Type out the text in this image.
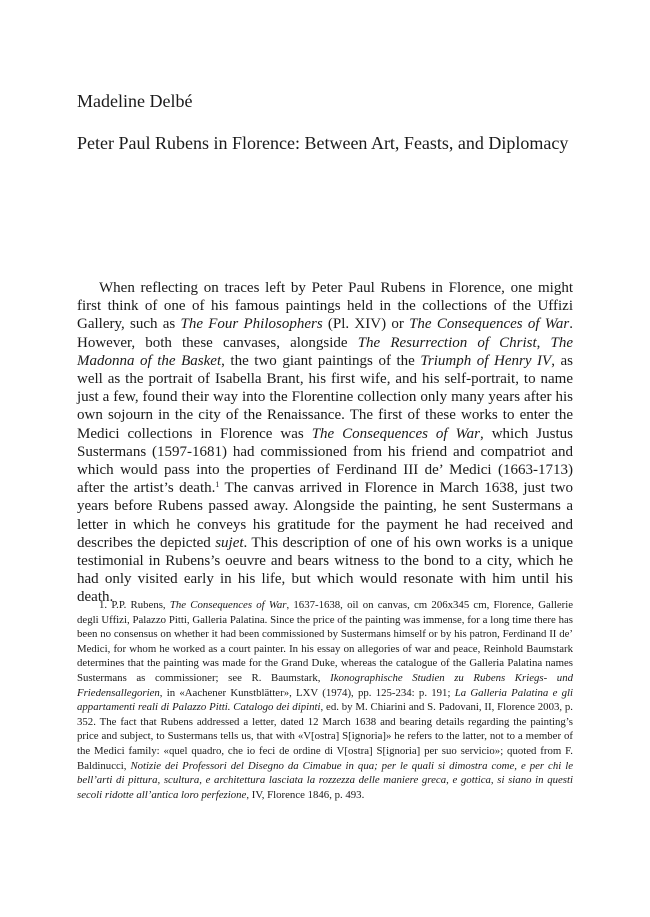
Madeline Delbé
Peter Paul Rubens in Florence: Between Art, Feasts, and Diplomacy

When reflecting on traces left by Peter Paul Rubens in Florence, one might first think of one of his famous paintings held in the collections of the Uffizi Gallery, such as The Four Philosophers (Pl. XIV) or The Consequences of War. However, both these canvases, alongside The Resurrection of Christ, The Madonna of the Basket, the two giant paintings of the Triumph of Henry IV, as well as the portrait of Isabella Brant, his first wife, and his self-portrait, to name just a few, found their way into the Florentine collection only many years after his own sojourn in the city of the Renaissance. The first of these works to enter the Medici collections in Florence was The Consequences of War, which Justus Sustermans (1597-1681) had commissioned from his friend and compatriot and which would pass into the properties of Ferdinand III de’ Medici (1663-1713) after the artist’s death.$^1$ The canvas arrived in Florence in March 1638, just two years before Rubens passed away. Alongside the painting, he sent Sustermans a letter in which he conveys his gratitude for the payment he had received and describes the depicted sujet. This description of one of his own works is a unique testimonial in Rubens’s oeuvre and bears witness to the bond to a city, which he had only visited early in his life, but which would resonate with him until his death.

1. P.P. Rubens, The Consequences of War, 1637-1638, oil on canvas, cm 206x345 cm, Florence, Gallerie degli Uffizi, Palazzo Pitti, Galleria Palatina. Since the price of the painting was immense, for a long time there has been no consensus on whether it had been commissioned by Sustermans himself or by his patron, Ferdinand II de’ Medici, for whom he worked as a court painter. In his essay on allegories of war and peace, Reinhold Baumstark determines that the painting was made for the Grand Duke, whereas the catalogue of the Galleria Palatina names Sustermans as commissioner; see R. Baumstark, Ikonographische Studien zu Rubens Kriegs- und Friedensallegorien, in «Aachener Kunstblätter», LXV (1974), pp. 125-234: p. 191; La Galleria Palatina e gli appartamenti reali di Palazzo Pitti. Catalogo dei dipinti, ed. by M. Chiarini and S. Padovani, II, Florence 2003, p. 352. The fact that Rubens addressed a letter, dated 12 March 1638 and bearing details regarding the painting’s price and subject, to Sustermans tells us, that with «V[ostra] S[ignoria]» he refers to the latter, not to a member of the Medici family: «quel quadro, che io feci de ordine di V[ostra] S[ignoria] per suo servicio»; quoted from F. Baldinucci, Notizie dei Professori del Disegno da Cimabue in qua; per le quali si dimostra come, e per chi le bell’arti di pittura, scultura, e architettura lasciata la rozzezza delle maniere greca, e gottica, si siano in questi secoli ridotte all’antica loro perfezione, IV, Florence 1846, p. 493.
